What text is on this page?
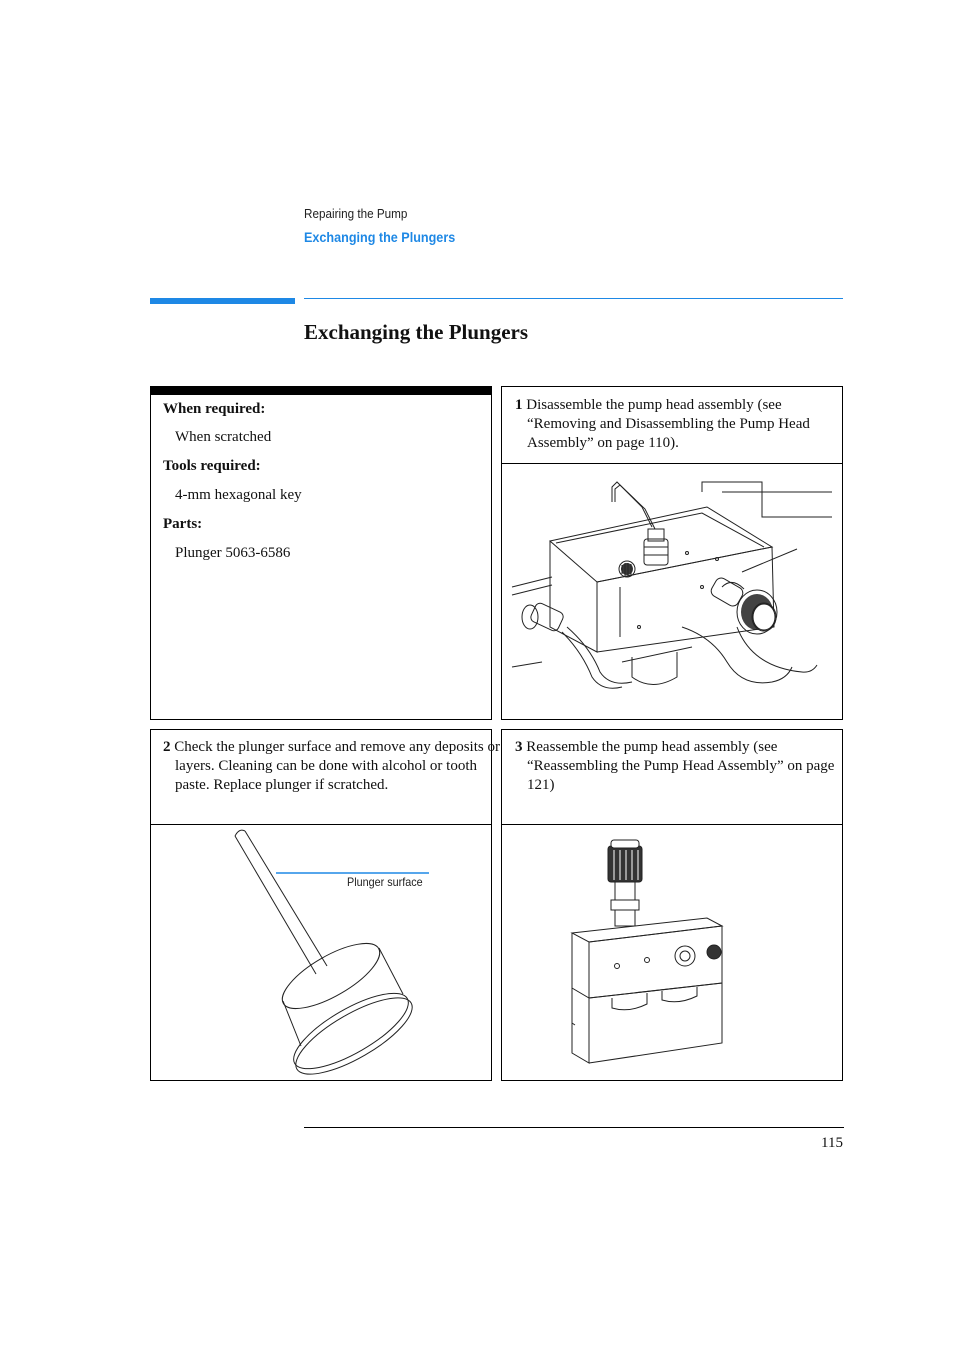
Repairing the Pump
Exchanging the Plungers
Exchanging the Plungers
When required:
When scratched
Tools required:
4-mm hexagonal key
Parts:
Plunger 5063-6586
1 Disassemble the pump head assembly (see “Removing and Disassembling the Pump Head Assembly” on page 110).
2 Check the plunger surface and remove any deposits or layers. Cleaning can be done with alcohol or tooth paste. Replace plunger if scratched.
Plunger surface
3 Reassemble the pump head assembly (see “Reassembling the Pump Head Assembly” on page 121)
115
